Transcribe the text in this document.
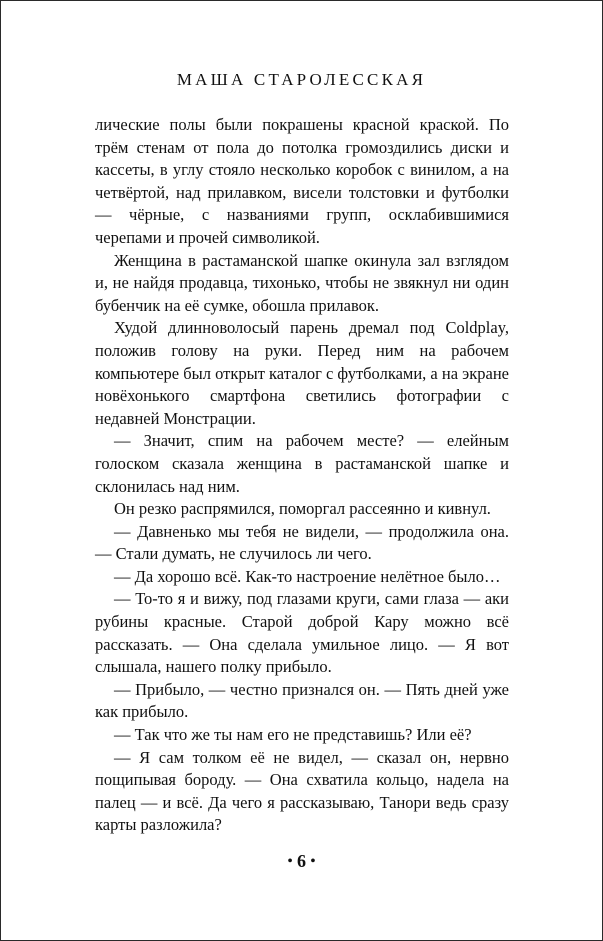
МАША СТАРОЛЕССКАЯ

лические полы были покрашены красной краской. По трём стенам от пола до потолка громоздились диски и кассеты, в углу стояло несколько коробок с винилом, а на четвёртой, над прилавком, висели толстовки и футболки — чёрные, с названиями групп, осклабившимися черепами и прочей символикой.

Женщина в растаманской шапке окинула зал взглядом и, не найдя продавца, тихонько, чтобы не звякнул ни один бубенчик на её сумке, обошла прилавок.

Худой длинноволосый парень дремал под Coldplay, положив голову на руки. Перед ним на рабочем компьютере был открыт каталог с футболками, а на экране новёхонького смартфона светились фотографии с недавней Монстрации.

— Значит, спим на рабочем месте? — елейным голоском сказала женщина в растаманской шапке и склонилась над ним.

Он резко распрямился, поморгал рассеянно и кивнул.

— Давненько мы тебя не видели, — продолжила она. — Стали думать, не случилось ли чего.

— Да хорошо всё. Как-то настроение нелётное было…

— То-то я и вижу, под глазами круги, сами глаза — аки рубины красные. Старой доброй Кару можно всё рассказать. — Она сделала умильное лицо. — Я вот слышала, нашего полку прибыло.

— Прибыло, — честно признался он. — Пять дней уже как прибыло.

— Так что же ты нам его не представишь? Или её?

— Я сам толком её не видел, — сказал он, нервно пощипывая бороду. — Она схватила кольцо, надела на палец — и всё. Да чего я рассказываю, Танори ведь сразу карты разложила?

• 6 •
